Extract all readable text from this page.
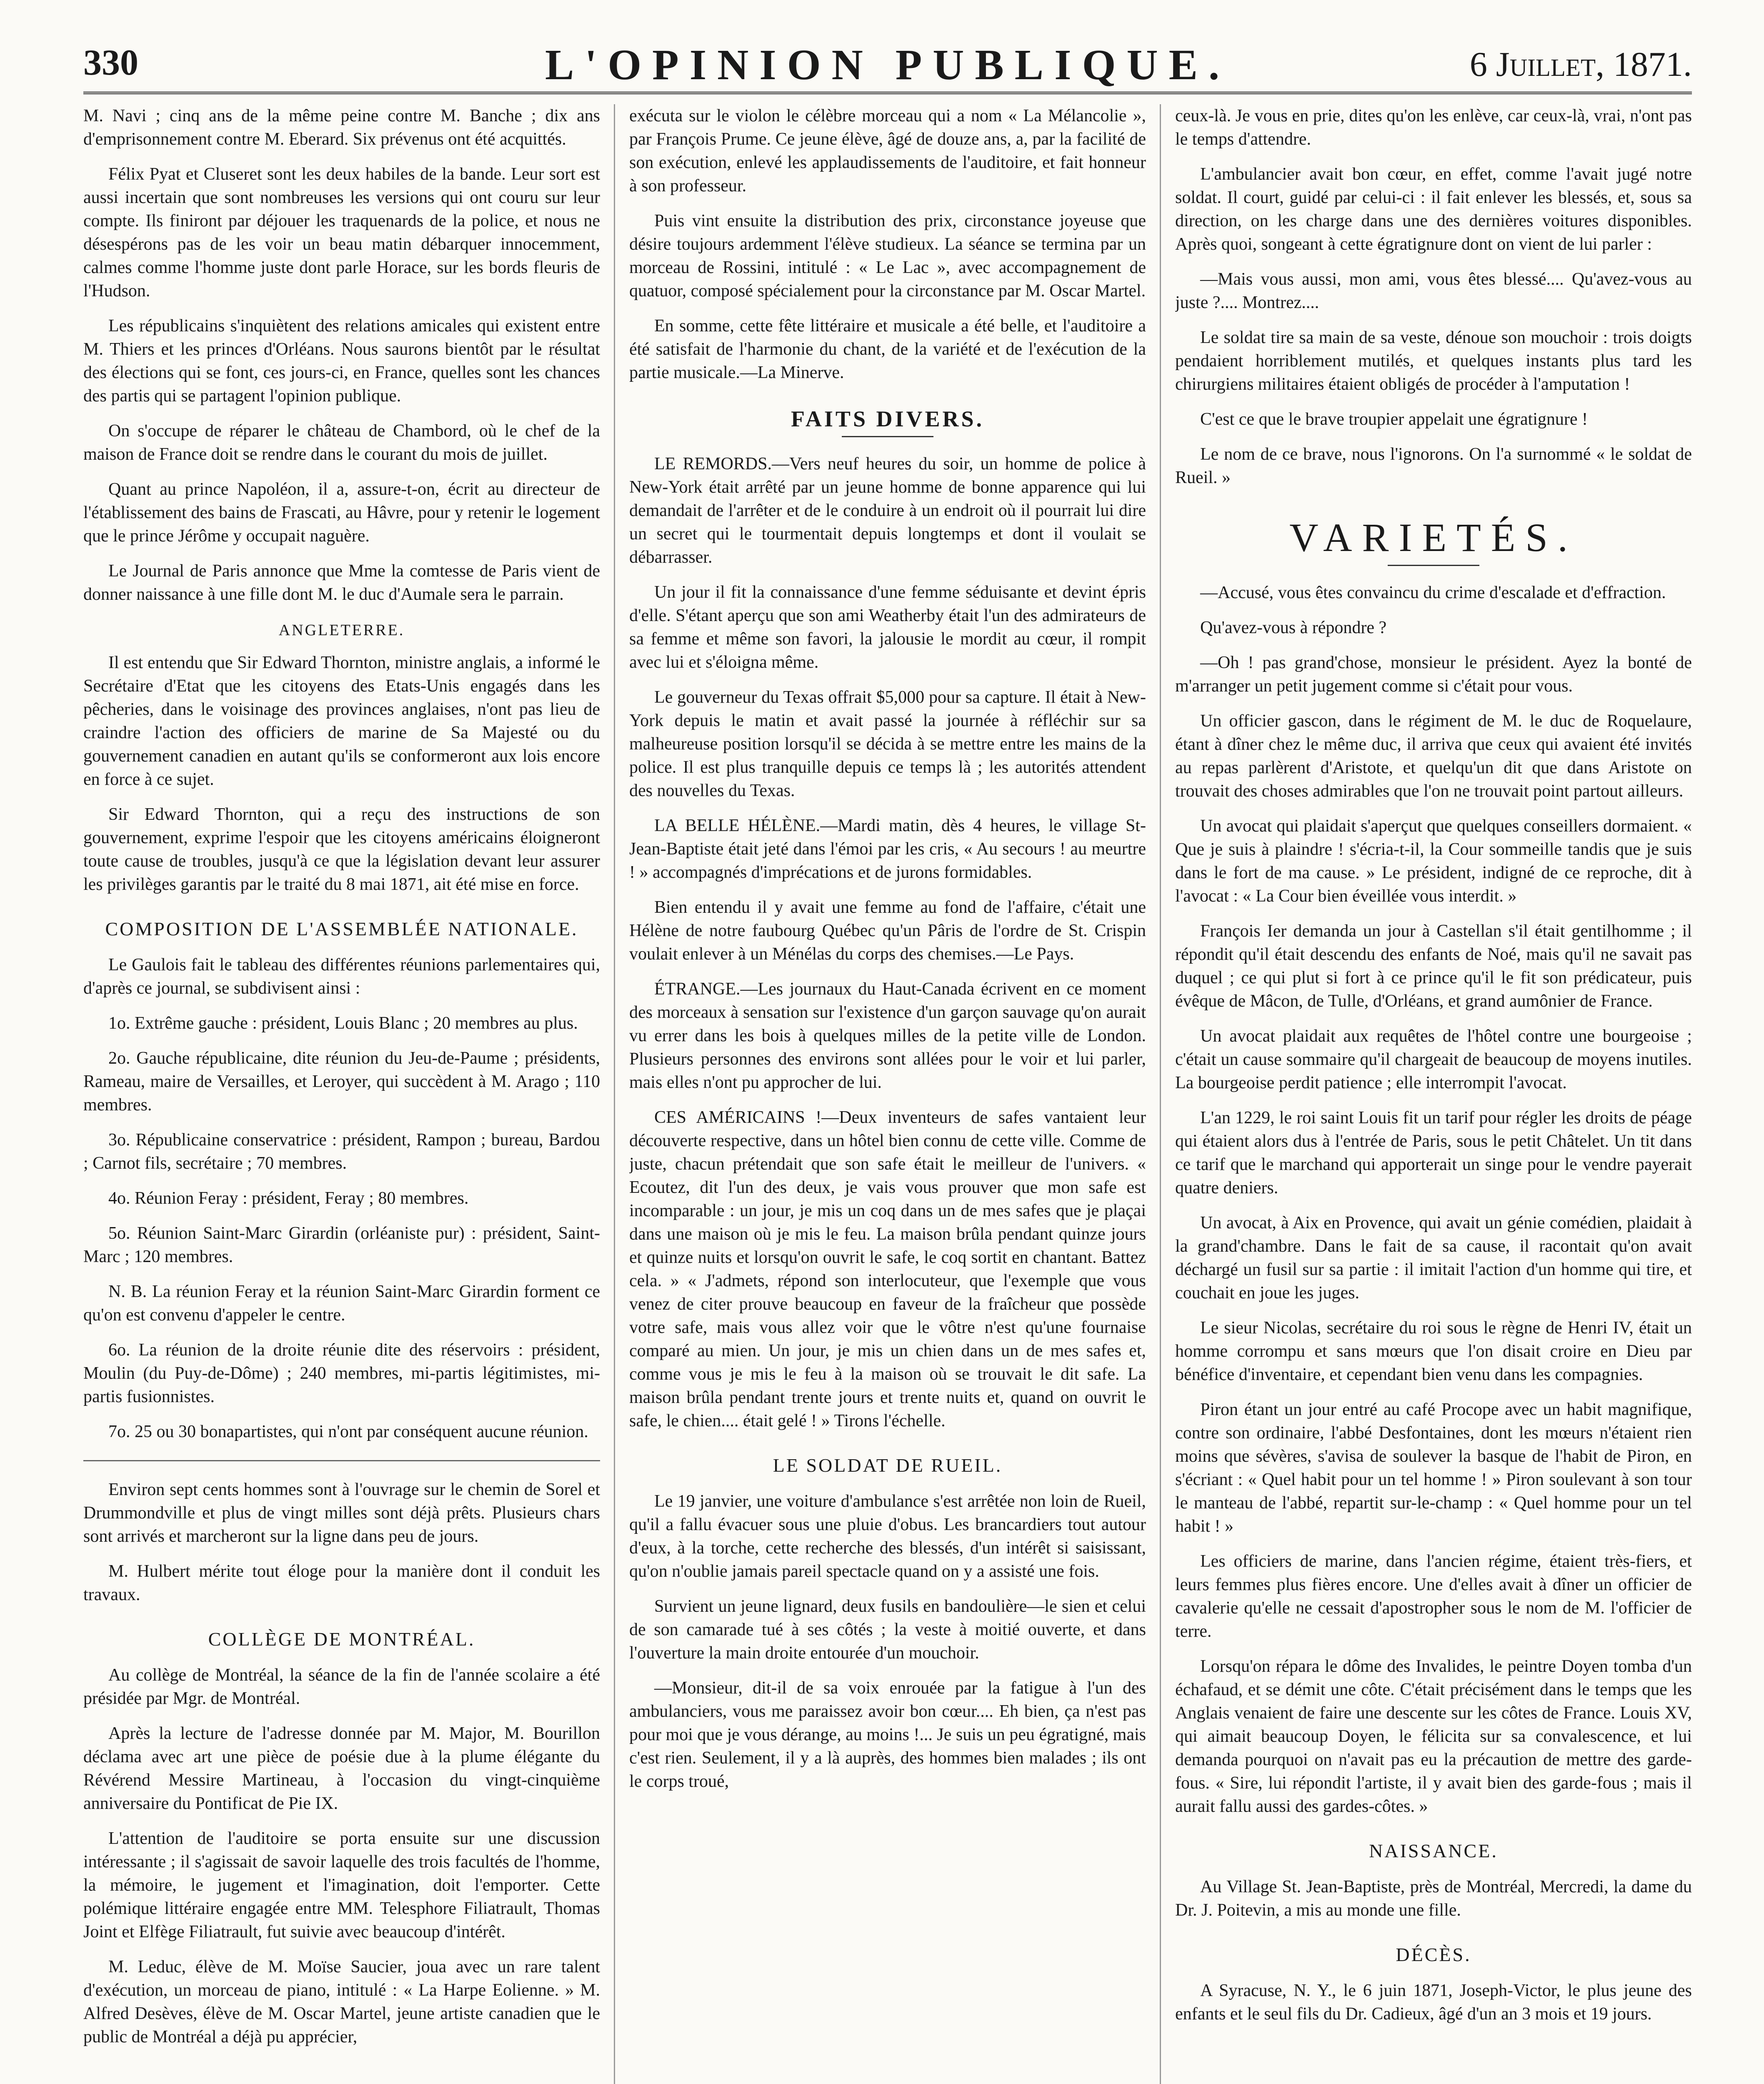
330	L'OPINION PUBLIQUE.	6 Juillet, 1871.

M. Navi ; cinq ans de la même peine contre M. Banche ; dix ans d'emprisonnement contre M. Eberard. Six prévenus ont été acquittés.

Félix Pyat et Cluseret sont les deux habiles de la bande. Leur sort est aussi incertain que sont nombreuses les versions qui ont couru sur leur compte. Ils finiront par déjouer les traquenards de la police, et nous ne désespérons pas de les voir un beau matin débarquer innocemment, calmes comme l'homme juste dont parle Horace, sur les bords fleuris de l'Hudson.

Les républicains s'inquiètent des relations amicales qui existent entre M. Thiers et les princes d'Orléans. Nous saurons bientôt par le résultat des élections qui se font, ces jours-ci, en France, quelles sont les chances des partis qui se partagent l'opinion publique.

On s'occupe de réparer le château de Chambord, où le chef de la maison de France doit se rendre dans le courant du mois de juillet.

Quant au prince Napoléon, il a, assure-t-on, écrit au directeur de l'établissement des bains de Frascati, au Hâvre, pour y retenir le logement que le prince Jérôme y occupait naguère.

Le Journal de Paris annonce que Mme la comtesse de Paris vient de donner naissance à une fille dont M. le duc d'Aumale sera le parrain.

ANGLETERRE.

Il est entendu que Sir Edward Thornton, ministre anglais, a informé le Secrétaire d'Etat que les citoyens des Etats-Unis engagés dans les pêcheries, dans le voisinage des provinces anglaises, n'ont pas lieu de craindre l'action des officiers de marine de Sa Majesté ou du gouvernement canadien en autant qu'ils se conformeront aux lois encore en force à ce sujet.

Sir Edward Thornton, qui a reçu des instructions de son gouvernement, exprime l'espoir que les citoyens américains éloigneront toute cause de troubles, jusqu'à ce que la législation devant leur assurer les privilèges garantis par le traité du 8 mai 1871, ait été mise en force.

COMPOSITION DE L'ASSEMBLÉE NATIONALE.

Le Gaulois fait le tableau des différentes réunions parlementaires qui, d'après ce journal, se subdivisent ainsi :

1o. Extrême gauche : président, Louis Blanc ; 20 membres au plus.

2o. Gauche républicaine, dite réunion du Jeu-de-Paume ; présidents, Rameau, maire de Versailles, et Leroyer, qui succèdent à M. Arago ; 110 membres.

3o. Républicaine conservatrice : président, Rampon ; bureau, Bardou ; Carnot fils, secrétaire ; 70 membres.

4o. Réunion Feray : président, Feray ; 80 membres.

5o. Réunion Saint-Marc Girardin (orléaniste pur) : président, Saint-Marc ; 120 membres.

N. B. La réunion Feray et la réunion Saint-Marc Girardin forment ce qu'on est convenu d'appeler le centre.

6o. La réunion de la droite réunie dite des réservoirs : président, Moulin (du Puy-de-Dôme) ; 240 membres, mi-partis légitimistes, mi-partis fusionnistes.

7o. 25 ou 30 bonapartistes, qui n'ont par conséquent aucune réunion.

Environ sept cents hommes sont à l'ouvrage sur le chemin de Sorel et Drummondville et plus de vingt milles sont déjà prêts. Plusieurs chars sont arrivés et marcheront sur la ligne dans peu de jours.

M. Hulbert mérite tout éloge pour la manière dont il conduit les travaux.

COLLÈGE DE MONTRÉAL.

Au collège de Montréal, la séance de la fin de l'année scolaire a été présidée par Mgr. de Montréal.

Après la lecture de l'adresse donnée par M. Major, M. Bourillon déclama avec art une pièce de poésie due à la plume élégante du Révérend Messire Martineau, à l'occasion du vingt-cinquième anniversaire du Pontificat de Pie IX.

L'attention de l'auditoire se porta ensuite sur une discussion intéressante ; il s'agissait de savoir laquelle des trois facultés de l'homme, la mémoire, le jugement et l'imagination, doit l'emporter. Cette polémique littéraire engagée entre MM. Telesphore Filiatrault, Thomas Joint et Elfège Filiatrault, fut suivie avec beaucoup d'intérêt.

M. Leduc, élève de M. Moïse Saucier, joua avec un rare talent d'exécution, un morceau de piano, intitulé : « La Harpe Eolienne. » M. Alfred Desèves, élève de M. Oscar Martel, jeune artiste canadien que le public de Montréal a déjà pu apprécier,

exécuta sur le violon le célèbre morceau qui a nom « La Mélancolie », par François Prume. Ce jeune élève, âgé de douze ans, a, par la facilité de son exécution, enlevé les applaudissements de l'auditoire, et fait honneur à son professeur.

Puis vint ensuite la distribution des prix, circonstance joyeuse que désire toujours ardemment l'élève studieux. La séance se termina par un morceau de Rossini, intitulé : « Le Lac », avec accompagnement de quatuor, composé spécialement pour la circonstance par M. Oscar Martel.

En somme, cette fête littéraire et musicale a été belle, et l'auditoire a été satisfait de l'harmonie du chant, de la variété et de l'exécution de la partie musicale.—La Minerve.

FAITS DIVERS.

LE REMORDS.—Vers neuf heures du soir, un homme de police à New-York était arrêté par un jeune homme de bonne apparence qui lui demandait de l'arrêter et de le conduire à un endroit où il pourrait lui dire un secret qui le tourmentait depuis longtemps et dont il voulait se débarrasser.

Un jour il fit la connaissance d'une femme séduisante et devint épris d'elle. S'étant aperçu que son ami Weatherby était l'un des admirateurs de sa femme et même son favori, la jalousie le mordit au cœur, il rompit avec lui et s'éloigna même.

Le gouverneur du Texas offrait $5,000 pour sa capture. Il était à New-York depuis le matin et avait passé la journée à réfléchir sur sa malheureuse position lorsqu'il se décida à se mettre entre les mains de la police. Il est plus tranquille depuis ce temps là ; les autorités attendent des nouvelles du Texas.

LA BELLE HÉLÈNE.—Mardi matin, dès 4 heures, le village St-Jean-Baptiste était jeté dans l'émoi par les cris, « Au secours ! au meurtre ! » accompagnés d'imprécations et de jurons formidables.

Bien entendu il y avait une femme au fond de l'affaire, c'était une Hélène de notre faubourg Québec qu'un Pâris de l'ordre de St. Crispin voulait enlever à un Ménélas du corps des chemises.—Le Pays.

ÉTRANGE.—Les journaux du Haut-Canada écrivent en ce moment des morceaux à sensation sur l'existence d'un garçon sauvage qu'on aurait vu errer dans les bois à quelques milles de la petite ville de London. Plusieurs personnes des environs sont allées pour le voir et lui parler, mais elles n'ont pu approcher de lui.

CES AMÉRICAINS !—Deux inventeurs de safes vantaient leur découverte respective, dans un hôtel bien connu de cette ville. Comme de juste, chacun prétendait que son safe était le meilleur de l'univers. « Ecoutez, dit l'un des deux, je vais vous prouver que mon safe est incomparable : un jour, je mis un coq dans un de mes safes que je plaçai dans une maison où je mis le feu. La maison brûla pendant quinze jours et quinze nuits et lorsqu'on ouvrit le safe, le coq sortit en chantant. Battez cela. » « J'admets, répond son interlocuteur, que l'exemple que vous venez de citer prouve beaucoup en faveur de la fraîcheur que possède votre safe, mais vous allez voir que le vôtre n'est qu'une fournaise comparé au mien. Un jour, je mis un chien dans un de mes safes et, comme vous je mis le feu à la maison où se trouvait le dit safe. La maison brûla pendant trente jours et trente nuits et, quand on ouvrit le safe, le chien.... était gelé ! » Tirons l'échelle.

LE SOLDAT DE RUEIL.

Le 19 janvier, une voiture d'ambulance s'est arrêtée non loin de Rueil, qu'il a fallu évacuer sous une pluie d'obus. Les brancardiers tout autour d'eux, à la torche, cette recherche des blessés, d'un intérêt si saisissant, qu'on n'oublie jamais pareil spectacle quand on y a assisté une fois.

Survient un jeune lignard, deux fusils en bandoulière—le sien et celui de son camarade tué à ses côtés ; la veste à moitié ouverte, et dans l'ouverture la main droite entourée d'un mouchoir.

—Monsieur, dit-il de sa voix enrouée par la fatigue à l'un des ambulanciers, vous me paraissez avoir bon cœur.... Eh bien, ça n'est pas pour moi que je vous dérange, au moins !... Je suis un peu égratigné, mais c'est rien. Seulement, il y a là auprès, des hommes bien malades ; ils ont le corps troué,

ceux-là. Je vous en prie, dites qu'on les enlève, car ceux-là, vrai, n'ont pas le temps d'attendre.

L'ambulancier avait bon cœur, en effet, comme l'avait jugé notre soldat. Il court, guidé par celui-ci : il fait enlever les blessés, et, sous sa direction, on les charge dans une des dernières voitures disponibles. Après quoi, songeant à cette égratignure dont on vient de lui parler :

—Mais vous aussi, mon ami, vous êtes blessé.... Qu'avez-vous au juste ?.... Montrez....

Le soldat tire sa main de sa veste, dénoue son mouchoir : trois doigts pendaient horriblement mutilés, et quelques instants plus tard les chirurgiens militaires étaient obligés de procéder à l'amputation !

C'est ce que le brave troupier appelait une égratignure !

Le nom de ce brave, nous l'ignorons. On l'a surnommé « le soldat de Rueil. »

VARIETÉS.

—Accusé, vous êtes convaincu du crime d'escalade et d'effraction.

Qu'avez-vous à répondre ?

—Oh ! pas grand'chose, monsieur le président. Ayez la bonté de m'arranger un petit jugement comme si c'était pour vous.

Un officier gascon, dans le régiment de M. le duc de Roquelaure, étant à dîner chez le même duc, il arriva que ceux qui avaient été invités au repas parlèrent d'Aristote, et quelqu'un dit que dans Aristote on trouvait des choses admirables que l'on ne trouvait point partout ailleurs.

Un avocat qui plaidait s'aperçut que quelques conseillers dormaient. « Que je suis à plaindre ! s'écria-t-il, la Cour sommeille tandis que je suis dans le fort de ma cause. » Le président, indigné de ce reproche, dit à l'avocat : « La Cour bien éveillée vous interdit. »

François Ier demanda un jour à Castellan s'il était gentilhomme ; il répondit qu'il était descendu des enfants de Noé, mais qu'il ne savait pas duquel ; ce qui plut si fort à ce prince qu'il le fit son prédicateur, puis évêque de Mâcon, de Tulle, d'Orléans, et grand aumônier de France.

Un avocat plaidait aux requêtes de l'hôtel contre une bourgeoise ; c'était un cause sommaire qu'il chargeait de beaucoup de moyens inutiles. La bourgeoise perdit patience ; elle interrompit l'avocat.

L'an 1229, le roi saint Louis fit un tarif pour régler les droits de péage qui étaient alors dus à l'entrée de Paris, sous le petit Châtelet. Un tit dans ce tarif que le marchand qui apporterait un singe pour le vendre payerait quatre deniers.

Un avocat, à Aix en Provence, qui avait un génie comédien, plaidait à la grand'chambre. Dans le fait de sa cause, il racontait qu'on avait déchargé un fusil sur sa partie : il imitait l'action d'un homme qui tire, et couchait en joue les juges.

Le sieur Nicolas, secrétaire du roi sous le règne de Henri IV, était un homme corrompu et sans mœurs que l'on disait croire en Dieu par bénéfice d'inventaire, et cependant bien venu dans les compagnies.

Piron étant un jour entré au café Procope avec un habit magnifique, contre son ordinaire, l'abbé Desfontaines, dont les mœurs n'étaient rien moins que sévères, s'avisa de soulever la basque de l'habit de Piron, en s'écriant : « Quel habit pour un tel homme ! » Piron soulevant à son tour le manteau de l'abbé, repartit sur-le-champ : « Quel homme pour un tel habit ! »

Les officiers de marine, dans l'ancien régime, étaient très-fiers, et leurs femmes plus fières encore. Une d'elles avait à dîner un officier de cavalerie qu'elle ne cessait d'apostropher sous le nom de M. l'officier de terre.

Lorsqu'on répara le dôme des Invalides, le peintre Doyen tomba d'un échafaud, et se démit une côte. C'était précisément dans le temps que les Anglais venaient de faire une descente sur les côtes de France. Louis XV, qui aimait beaucoup Doyen, le félicita sur sa convalescence, et lui demanda pourquoi on n'avait pas eu la précaution de mettre des garde-fous. « Sire, lui répondit l'artiste, il y avait bien des garde-fous ; mais il aurait fallu aussi des gardes-côtes. »

NAISSANCE.

Au Village St. Jean-Baptiste, près de Montréal, Mercredi, la dame du Dr. J. Poitevin, a mis au monde une fille.

DÉCÈS.

A Syracuse, N. Y., le 6 juin 1871, Joseph-Victor, le plus jeune des enfants et le seul fils du Dr. Cadieux, âgé d'un an 3 mois et 19 jours.
